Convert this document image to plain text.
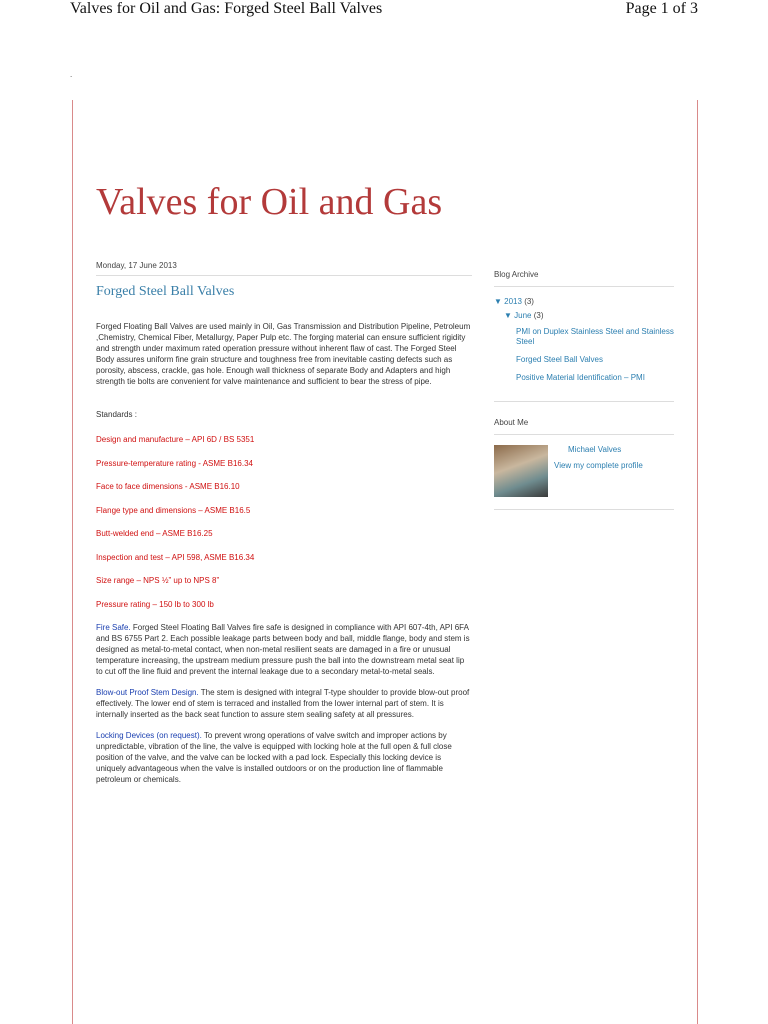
Valves for Oil and Gas: Forged Steel Ball Valves	Page 1 of 3
.
Valves for Oil and Gas
Monday, 17 June 2013
Forged Steel Ball Valves

Forged Floating Ball Valves are used mainly in Oil, Gas Transmission and Distribution Pipeline, Petroleum ,Chemistry, Chemical Fiber, Metallurgy, Paper Pulp etc. The forging material can ensure sufficient rigidity and strength under maximum rated operation pressure without inherent flaw of cast. The Forged Steel Body assures uniform fine grain structure and toughness free from inevitable casting defects such as porosity, abscess, crackle, gas hole. Enough wall thickness of separate Body and Adapters and high strength tie bolts are convenient for valve maintenance and sufficient to bear the stress of pipe.

Standards :
Design and manufacture – API 6D / BS 5351
Pressure-temperature rating - ASME B16.34
Face to face dimensions - ASME B16.10
Flange type and dimensions – ASME B16.5
Butt-welded end – ASME B16.25
Inspection and test – API 598, ASME B16.34
Size range – NPS ½” up to NPS 8”
Pressure rating – 150 lb to 300 lb

Fire Safe. Forged Steel Floating Ball Valves fire safe is designed in compliance with API 607-4th, API 6FA and BS 6755 Part 2. Each possible leakage parts between body and ball, middle flange, body and stem is designed as metal-to-metal contact, when non-metal resilient seats are damaged in a fire or unusual temperature increasing, the upstream medium pressure push the ball into the downstream metal seat lip to cut off the line fluid and prevent the internal leakage due to a secondary metal-to-metal seals.

Blow-out Proof Stem Design. The stem is designed with integral T-type shoulder to provide blow-out proof effectively. The lower end of stem is terraced and installed from the lower internal part of stem. It is internally inserted as the back seat function to assure stem sealing safety at all pressures.

Locking Devices (on request). To prevent wrong operations of valve switch and improper actions by unpredictable, vibration of the line, the valve is equipped with locking hole at the full open & full close position of the valve, and the valve can be locked with a pad lock. Especially this locking device is uniquely advantageous when the valve is installed outdoors or on the production line of flammable petroleum or chemicals.

Blog Archive
▼ 2013 (3)
▼ June (3)
PMI on Duplex Stainless Steel and Stainless Steel
Forged Steel Ball Valves
Positive Material Identification – PMI
About Me
Michael Valves
View my complete profile
